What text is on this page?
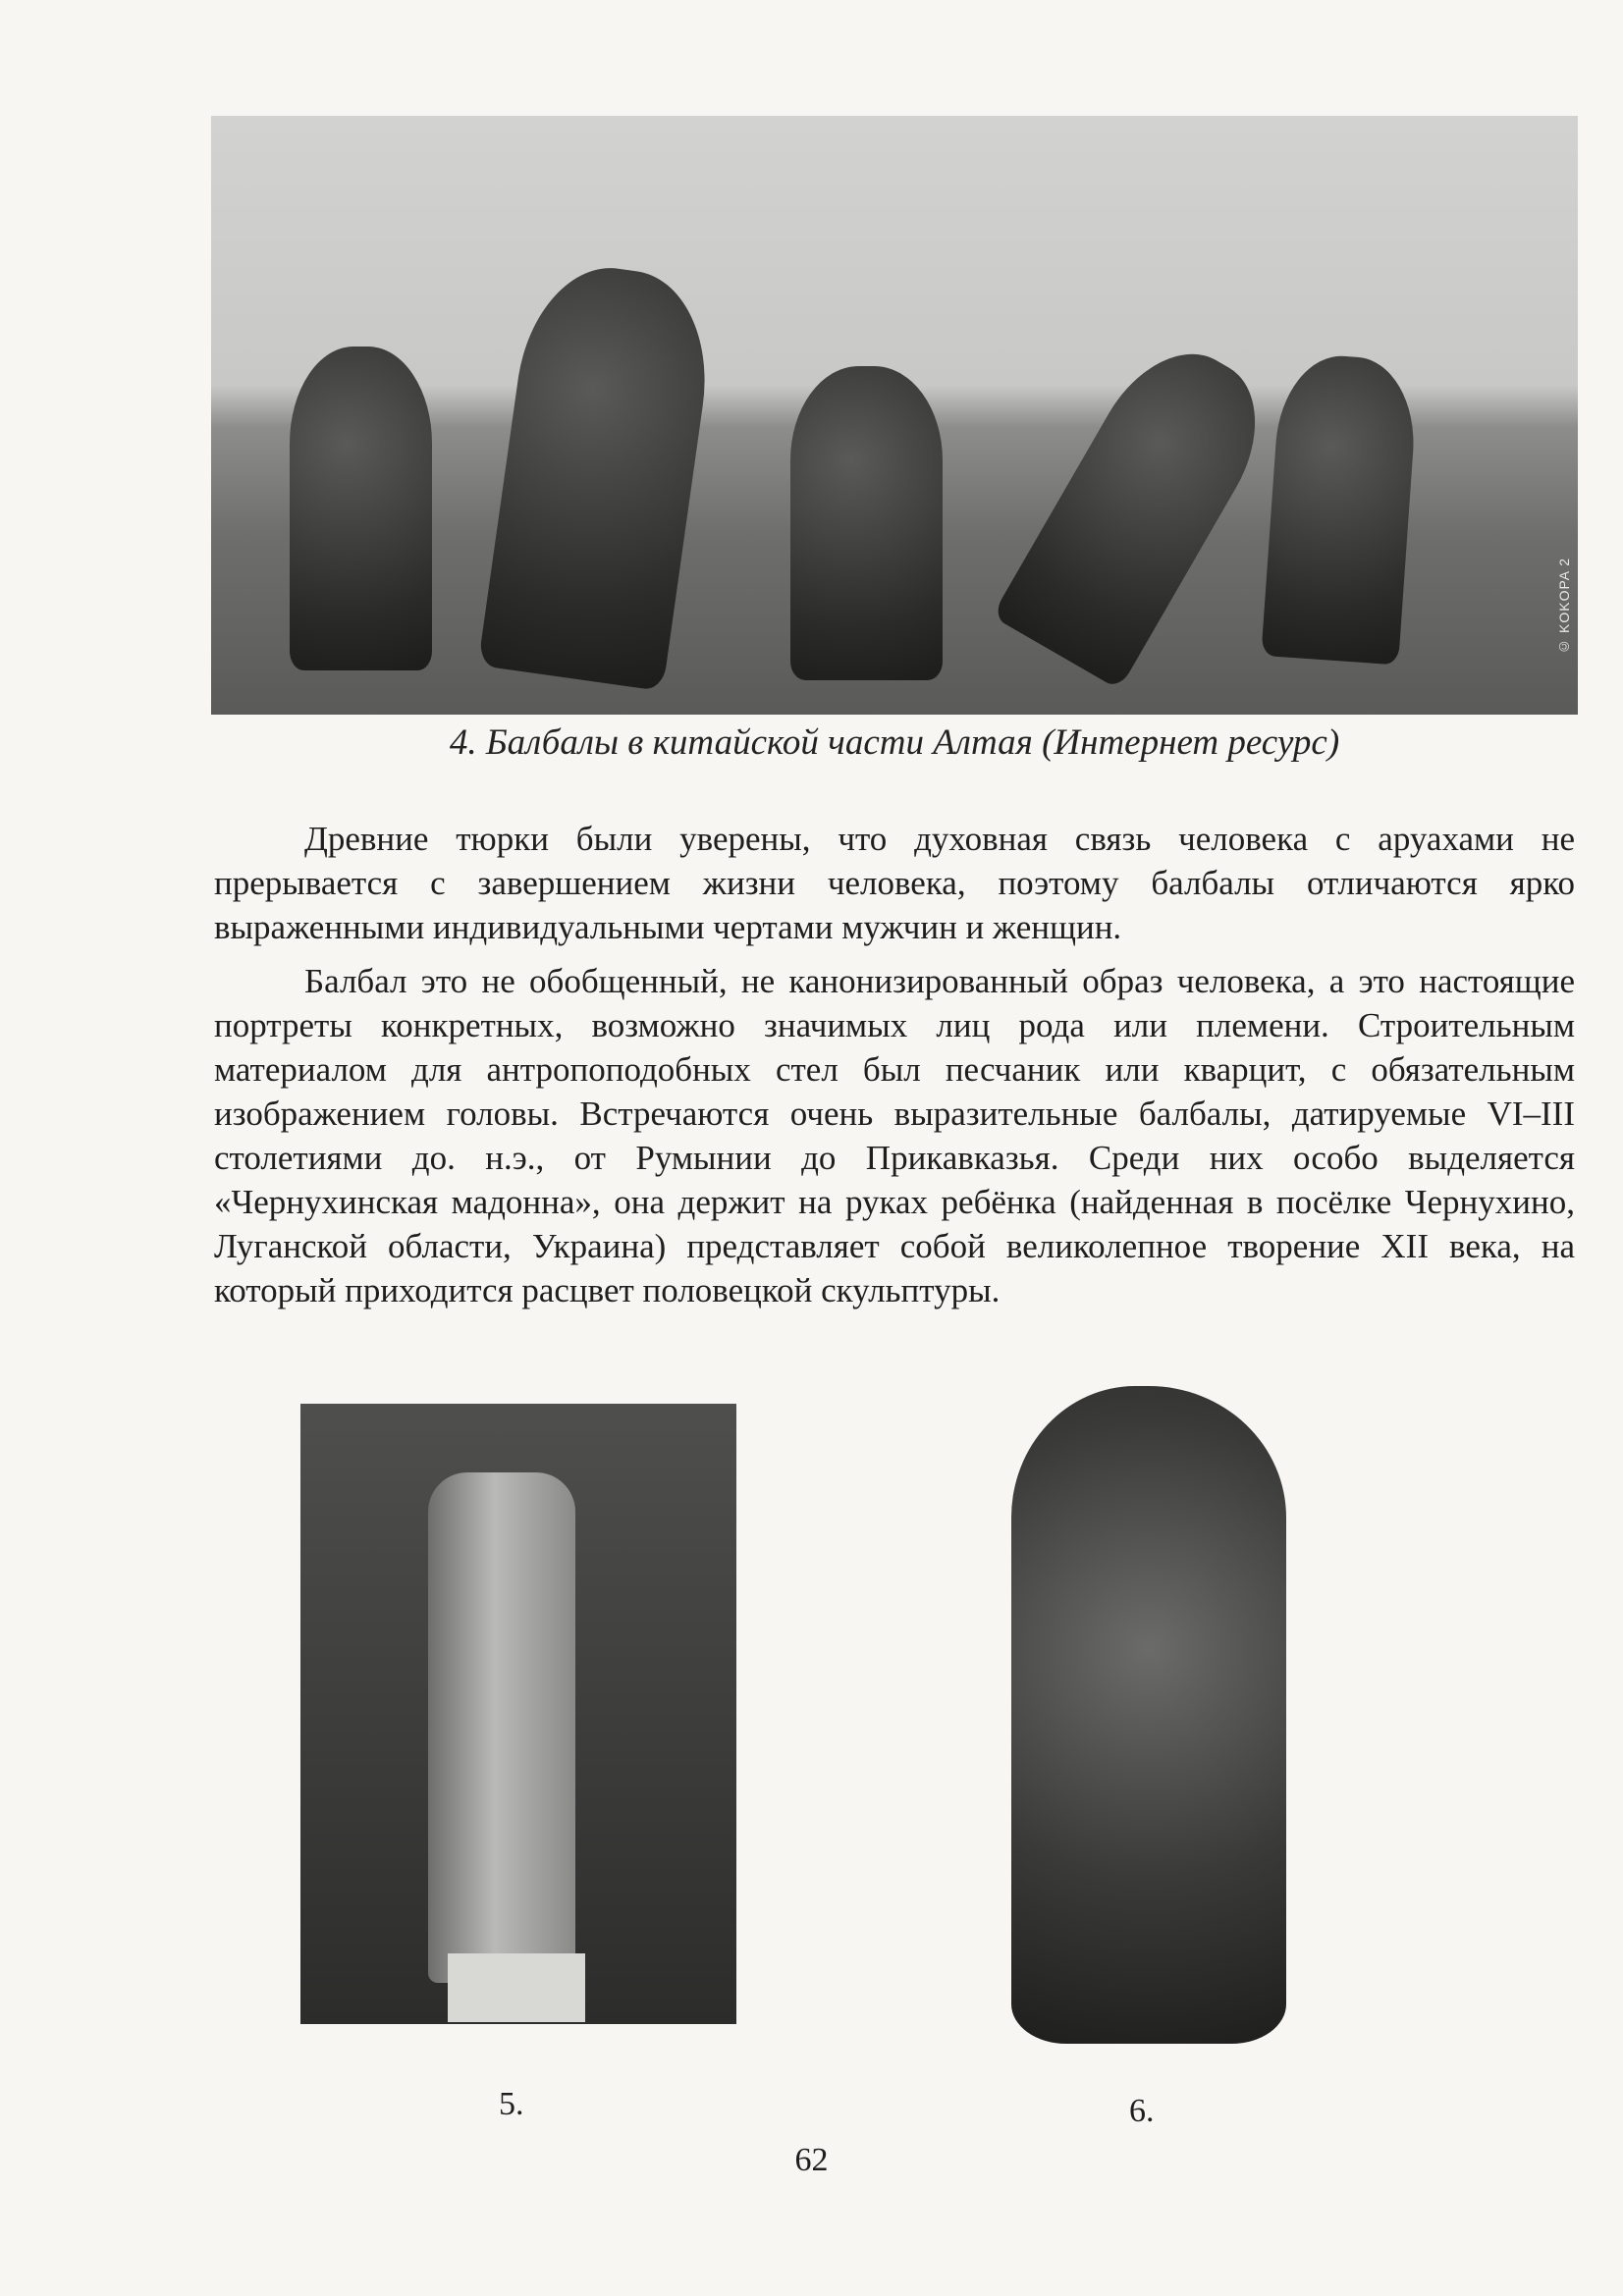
© KOKOPA 2
4. Балбалы в китайской части Алтая (Интернет ресурс)

Древние тюрки были уверены, что духовная связь человека с аруахами не прерывается с завершением жизни человека, поэтому балбалы отличаются ярко выраженными индивидуальными чертами мужчин и женщин.

Балбал это не обобщенный, не канонизированный образ человека, а это настоящие портреты конкретных, возможно значимых лиц рода или племени. Строительным материалом для антропоподобных стел был песчаник или кварцит, с обязательным изображением головы. Встречаются очень выразительные балбалы, датируемые VI–III столетиями до. н.э., от Румынии до Прикавказья. Среди них особо выделяется «Чернухинская мадонна», она держит на руках ребёнка (найденная в посёлке Чернухино, Луганской области, Украина) представляет собой великолепное творение XII века, на который приходится расцвет половецкой скульптуры.

5.	6.
62
